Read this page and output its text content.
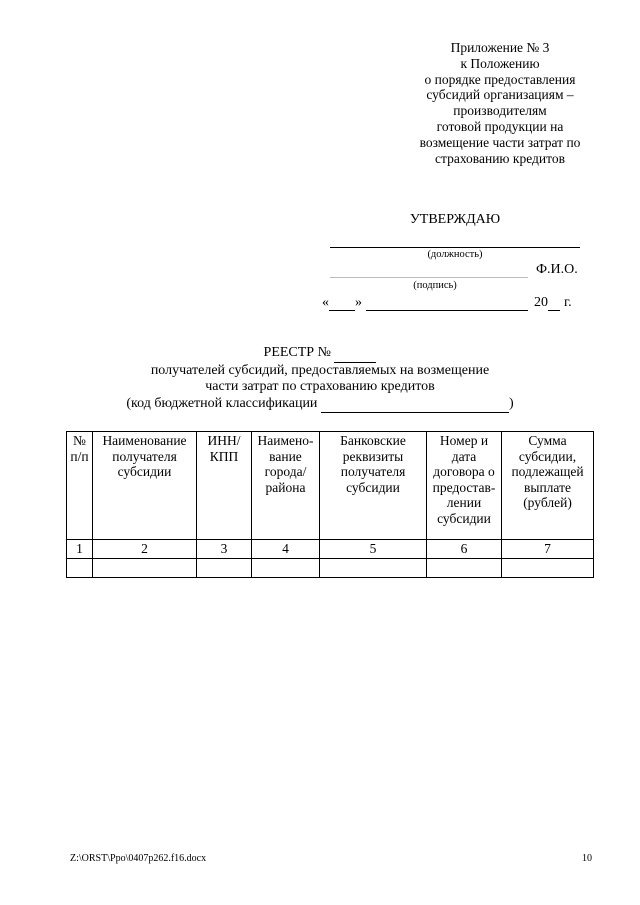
Приложение № 3
к Положению
о порядке предоставления
субсидий организациям –
производителям
готовой продукции на
возмещение части затрат по
страхованию кредитов
УТВЕРЖДАЮ
(должность)
Ф.И.О.
(подпись)
«
»
	20
г.
РЕЕСТР №
получателей субсидий, предоставляемых на возмещение
части затрат по страхованию кредитов
(код бюджетной классификации	)
№ п/п	Наименование получателя субсидии	ИНН/ КПП	Наимено-вание города/ района	Банковские реквизиты получателя субсидии	Номер и дата договора о предостав-лении субсидии	Сумма субсидии, подлежащей выплате (рублей)
1	2	3	4	5	6	7

Z:\ORST\Ppo\0407p262.f16.docx	10
